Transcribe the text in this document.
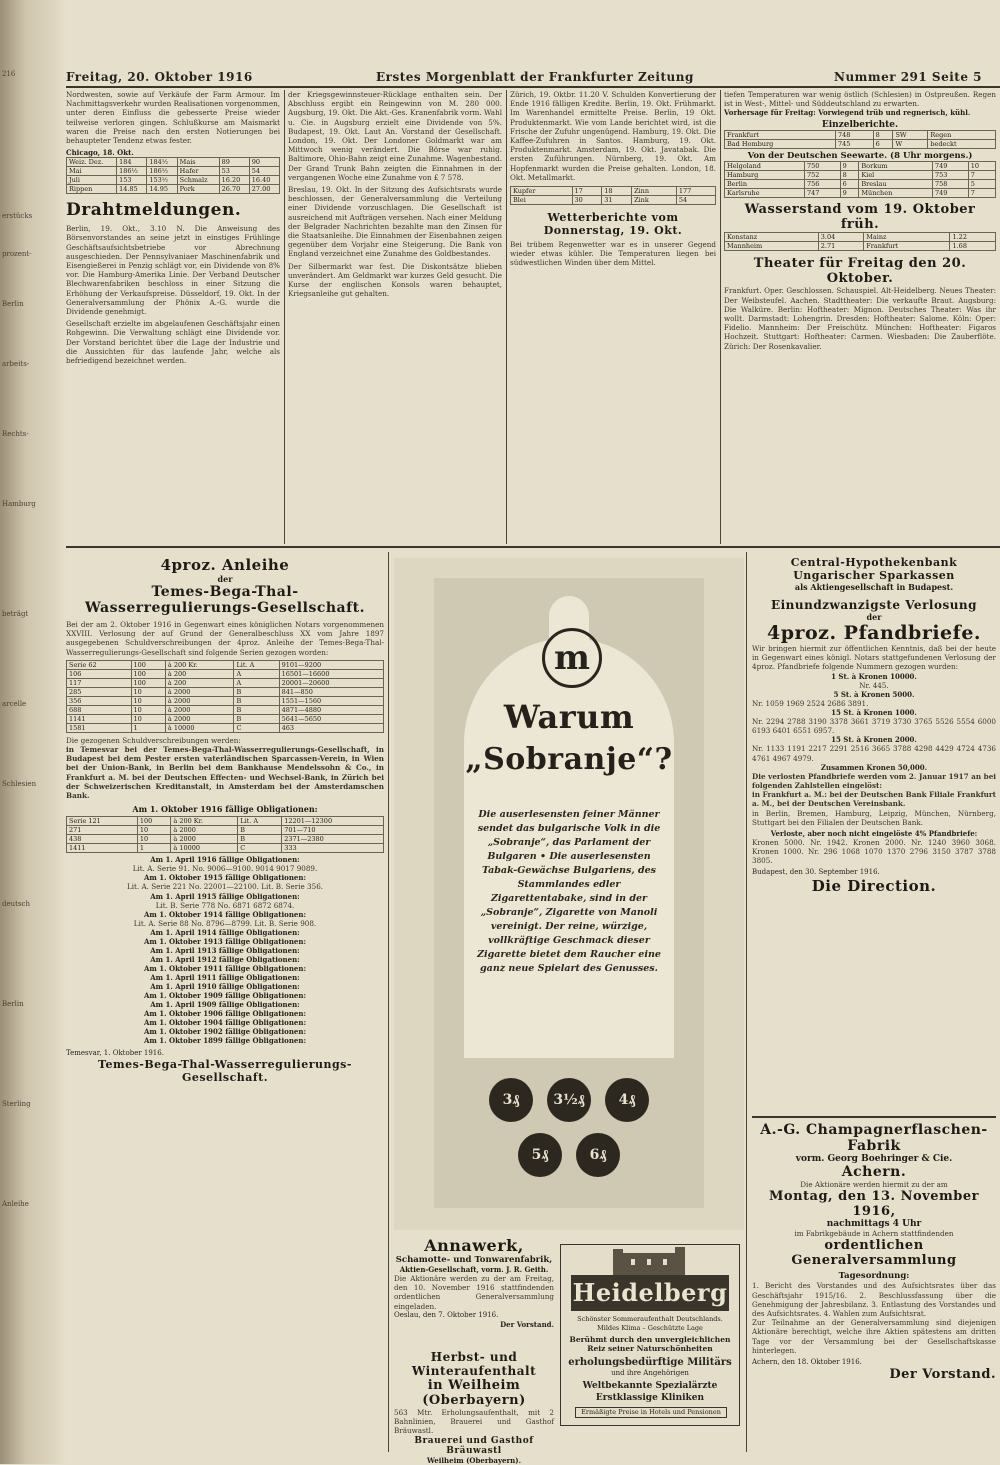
216
erstücks
prozent-
Berlin
arbeits-
Rechts-
Hamburg
beträgt
arcelle
Schlesien
deutsch
Berlin
Sterling
Anleihe
Freitag, 20. Oktober 1916	Erstes Morgenblatt der Frankfurter Zeitung	Nummer 291 Seite 5
Nordwesten, sowie auf Verkäufe der Farm Armour. Im Nachmittagsverkehr wurden Realisationen vorgenommen, unter deren Einfluss die gebesserte Preise wieder teilweise verloren gingen. Schlußkurse am Maismarkt waren die Preise nach den ersten Notierungen bei behaupteter Tendenz etwas fester.
Chicago, 18. Okt.
Weiz. Dez.	184	184½	Mais	89	90
Mai	186½	186½	Hafer	53	54
Juli	153	153½	Schmalz	16.20	16.40
Rippen	14.85	14.95	Pork	26.70	27.00
Drahtmeldungen.
Berlin, 19. Okt., 3.10 N. Die Anweisung des Börsenvorstandes an seine jetzt in einstiges Frühlinge Geschäftsaufsichtsbetriebe vor Abrechnung ausgeschieden. Der Pennsylvaniaer Maschinenfabrik und Eisengießerei in Penzig schlägt vor, ein Dividende von 8% vor. Die Hamburg-Amerika Linie. Der Verband Deutscher Blechwarenfabriken beschloss in einer Sitzung die Erhöhung der Verkaufspreise. Düsseldorf, 19. Okt. In der Generalversammlung der Phönix A.-G. wurde die Dividende genehmigt.
Gesellschaft erzielte im abgelaufenen Geschäftsjahr einen Rohgewinn. Die Verwaltung schlägt eine Dividende vor. Der Vorstand berichtet über die Lage der Industrie und die Aussichten für das laufende Jahr, welche als befriedigend bezeichnet werden.
der Kriegsgewinnsteuer-Rücklage enthalten sein. Der Abschluss ergibt ein Reingewinn von M. 280 000. Augsburg, 19. Okt. Die Akt.-Ges. Kranenfabrik vorm. Wahl u. Cie. in Augsburg erzielt eine Dividende von 5%. Budapest, 19. Okt. Laut An. Vorstand der Gesellschaft. London, 19. Okt. Der Londoner Goldmarkt war am Mittwoch wenig verändert. Die Börse war ruhig. Baltimore, Ohio-Bahn zeigt eine Zunahme. Wagenbestand. Der Grand Trunk Bahn zeigten die Einnahmen in der vergangenen Woche eine Zunahme von £ 7 578.
Breslau, 19. Okt. In der Sitzung des Aufsichtsrats wurde beschlossen, der Generalversammlung die Verteilung einer Dividende vorzuschlagen. Die Gesellschaft ist ausreichend mit Aufträgen versehen. Nach einer Meldung der Belgrader Nachrichten bezahlte man den Zinsen für die Staatsanleihe. Die Einnahmen der Eisenbahnen zeigen gegenüber dem Vorjahr eine Steigerung. Die Bank von England verzeichnet eine Zunahme des Goldbestandes.
Der Silbermarkt war fest. Die Diskontsätze blieben unverändert. Am Geldmarkt war kurzes Geld gesucht. Die Kurse der englischen Konsols waren behauptet, Kriegsanleihe gut gehalten.
Zürich, 19. Oktbr. 11.20 V. Schulden Konvertierung der Ende 1916 fälligen Kredite. Berlin, 19. Okt. Frühmarkt. Im Warenhandel ermittelte Preise. Berlin, 19 Okt. Produktenmarkt. Wie vom Lande berichtet wird, ist die Frische der Zufuhr ungenügend. Hamburg, 19. Okt. Die Kaffee-Zufuhren in Santos. Hamburg, 19. Okt. Produktenmarkt. Amsterdam, 19. Okt. Javatabak. Die ersten Zuführungen. Nürnberg, 19. Okt. Am Hopfenmarkt wurden die Preise gehalten. London, 18. Okt. Metallmarkt.
Kupfer	17	18	Zinn	177
Blei	30	31	Zink	54
Wetterberichte vom Donnerstag, 19. Okt.
Bei trübem Regenwetter war es in unserer Gegend wieder etwas kühler. Die Temperaturen liegen bei südwestlichen Winden über dem Mittel.
tiefen Temperaturen war wenig östlich (Schlesien) in Ostpreußen. Regen ist in West-, Mittel- und Süddeutschland zu erwarten.
Vorhersage für Freitag: Vorwiegend trüb und regnerisch, kühl.
Einzelberichte.
Frankfurt	748	8	SW	Regen
Bad Homburg	745	6	W	bedeckt
Von der Deutschen Seewarte. (8 Uhr morgens.)
Helgoland	750	9	Borkum	749	10
Hamburg	752	8	Kiel	753	7
Berlin	756	6	Breslau	758	5
Karlsruhe	747	9	München	749	7
Wasserstand vom 19. Oktober früh.
Konstanz	3.04	Mainz	1.22
Mannheim	2.71	Frankfurt	1.68
Theater für Freitag den 20. Oktober.
Frankfurt. Oper. Geschlossen. Schauspiel. Alt-Heidelberg. Neues Theater: Der Weibsteufel. Aachen. Stadttheater: Die verkaufte Braut. Augsburg: Die Walküre. Berlin: Hoftheater: Mignon. Deutsches Theater: Was ihr wollt. Darmstadt: Lohengrin. Dresden: Hoftheater: Salome. Köln: Oper: Fidelio. Mannheim: Der Freischütz. München: Hoftheater: Figaros Hochzeit. Stuttgart: Hoftheater: Carmen. Wiesbaden: Die Zauberflöte. Zürich: Der Rosenkavalier.
4proz. Anleihe
der
Temes-Bega-Thal-Wasserregulierungs-Gesellschaft.
Bei der am 2. Oktober 1916 in Gegenwart eines königlichen Notars vorgenommenen XXVIII. Verlosung der auf Grund der Generalbeschluss XX vom Jahre 1897 ausgegebenen Schuldverschreibungen der 4proz. Anleihe der Temes-Bega-Thal-Wasserregulierungs-Gesellschaft sind folgende Serien gezogen worden:
Serie 62	100	à 200 Kr.	Lit. A	9101—9200
106	100	à 200	A	16501—16600
117	100	à 200	A	20001—20600
285	10	à 2000	B	841—850
356	10	à 2000	B	1551—1560
688	10	à 2000	B	4871—4880
1141	10	à 2000	B	5641—5650
1581	1	à 10000	C	463
Die gezogenen Schuldverschreibungen werden:
in Temesvar bei der Temes-Bega-Thal-Wasserregulierungs-Gesellschaft, in Budapest bei dem Pester ersten vaterländischen Sparcassen-Verein, in Wien bei der Union-Bank, in Berlin bei dem Bankhause Mendelssohn & Co., in Frankfurt a. M. bei der Deutschen Effecten- und Wechsel-Bank, in Zürich bei der Schweizerischen Kreditanstalt, in Amsterdam bei der Amsterdamschen Bank.
Am 1. Oktober 1916 fällige Obligationen:
Serie 121	100	à 200 Kr.	Lit. A	12201—12300
271	10	à 2000	B	701—710
438	10	à 2000	B	2371—2380
1411	1	à 10000	C	333
Am 1. April 1916 fällige Obligationen:
Lit. A. Serie 91. No. 9006—9100. 9014 9017 9089.
Am 1. Oktober 1915 fällige Obligationen:
Lit. A. Serie 221 No. 22001—22100. Lit. B. Serie 356.
Am 1. April 1915 fällige Obligationen:
Lit. B. Serie 778 No. 6871 6872 6874.
Am 1. Oktober 1914 fällige Obligationen:
Lit. A. Serie 88 No. 8796—8799. Lit. B. Serie 908.
Am 1. April 1914 fällige Obligationen:
Am 1. Oktober 1913 fällige Obligationen:
Am 1. April 1913 fällige Obligationen:
Am 1. April 1912 fällige Obligationen:
Am 1. Oktober 1911 fällige Obligationen:
Am 1. April 1911 fällige Obligationen:
Am 1. April 1910 fällige Obligationen:
Am 1. Oktober 1909 fällige Obligationen:
Am 1. April 1909 fällige Obligationen:
Am 1. Oktober 1906 fällige Obligationen:
Am 1. Oktober 1904 fällige Obligationen:
Am 1. Oktober 1902 fällige Obligationen:
Am 1. Oktober 1899 fällige Obligationen:
Temesvar, 1. Oktober 1916.
Temes-Bega-Thal-Wasserregulierungs-Gesellschaft.
m
Warum
„Sobranje“?
Die auserlesensten feiner Männer sendet das bulgarische Volk in die „Sobranje“, das Parlament der Bulgaren • Die auserlesensten Tabak-Gewächse Bulgariens, des Stammlandes edler Zigarettentabake, sind in der „Sobranje“, Zigarette von Manoli vereinigt. Der reine, würzige, vollkräftige Geschmack dieser Zigarette bietet dem Raucher eine ganz neue Spielart des Genusses.
3₰	3½₰	4₰
5₰	6₰
Annawerk,
Schamotte- und Tonwarenfabrik,
Aktien-Gesellschaft, vorm. J. R. Geith.
Die Aktionäre werden zu der am Freitag, den 10. November 1916 stattfindenden ordentlichen Generalversammlung eingeladen.
Oeslau, den 7. Oktober 1916.
Der Vorstand.
Herbst- und Winteraufenthalt
in Weilheim (Oberbayern)
563 Mtr. Erholungsaufenthalt, mit 2 Bahnlinien, Brauerei und Gasthof Bräuwastl.
Brauerei und Gasthof Bräuwastl
Weilheim (Oberbayern).
Heidelberg
Schönster Sommeraufenthalt Deutschlands.
Mildes Klima – Geschützte Lage
Berühmt durch den unvergleichlichen Reiz seiner Naturschönheiten
erholungsbedürftige Militärs
und ihre Angehörigen
Weltbekannte Spezialärzte
Erstklassige Kliniken
Ermäßigte Preise in Hotels und Pensionen
Central-Hypothekenbank Ungarischer Sparkassen
als Aktiengesellschaft in Budapest.
Einundzwanzigste Verlosung
der
4proz. Pfandbriefe.
Wir bringen hiermit zur öffentlichen Kenntnis, daß bei der heute in Gegenwart eines königl. Notars stattgefundenen Verlosung der 4proz. Pfandbriefe folgende Nummern gezogen wurden:
1 St. à Kronen 10000.
Nr. 445.
5 St. à Kronen 5000.
Nr. 1059 1969 2524 2686 3891.
15 St. à Kronen 1000.
Nr. 2294 2788 3190 3378 3661 3719 3730 3765 5526 5554 6000 6193 6401 6551 6957.
15 St. à Kronen 2000.
Nr. 1133 1191 2217 2291 2516 3665 3788 4298 4429 4724 4736 4761 4967 4979.
Zusammen Kronen 50,000.
Die verlosten Pfandbriefe werden vom 2. Januar 1917 an bei folgenden Zahlstellen eingelöst:
in Frankfurt a. M.: bei der Deutschen Bank Filiale Frankfurt a. M., bei der Deutschen Vereinsbank.
in Berlin, Bremen, Hamburg, Leipzig, München, Nürnberg, Stuttgart bei den Filialen der Deutschen Bank.
Verloste, aber noch nicht eingelöste 4% Pfandbriefe:
Kronen 5000. Nr. 1942. Kronen 2000. Nr. 1240 3960 3068. Kronen 1000. Nr. 296 1068 1070 1370 2796 3150 3787 3788 3805.
Budapest, den 30. September 1916.
Die Direction.
A.-G. Champagnerflaschen-Fabrik
vorm. Georg Boehringer & Cie.
Achern.
Die Aktionäre werden hiermit zu der am
Montag, den 13. November 1916,
nachmittags 4 Uhr
im Fabrikgebäude in Achern stattfindenden
ordentlichen Generalversammlung
Tagesordnung:
1. Bericht des Vorstandes und des Aufsichtsrates über das Geschäftsjahr 1915/16. 2. Beschlussfassung über die Genehmigung der Jahresbilanz. 3. Entlastung des Vorstandes und des Aufsichtsrates. 4. Wahlen zum Aufsichtsrat.
Zur Teilnahme an der Generalversammlung sind diejenigen Aktionäre berechtigt, welche ihre Aktien spätestens am dritten Tage vor der Versammlung bei der Gesellschaftskasse hinterlegen.
Achern, den 18. Oktober 1916.
Der Vorstand.
